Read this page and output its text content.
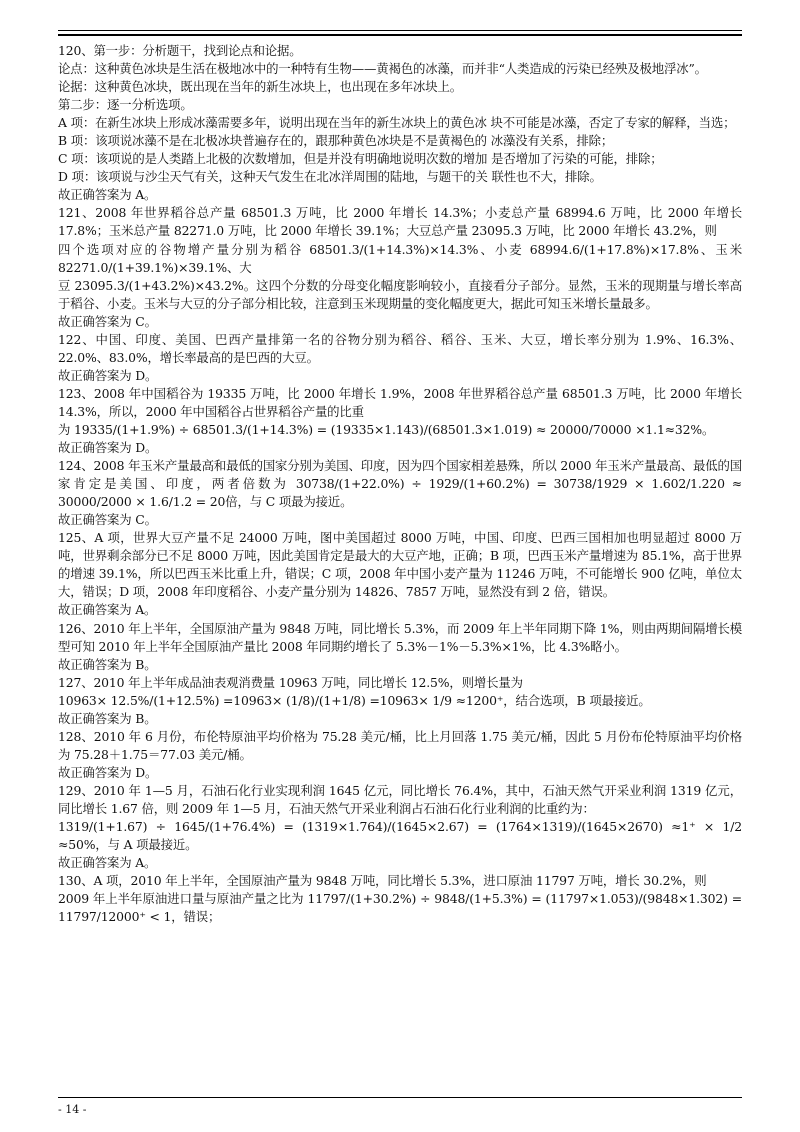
120、第一步：分析题干，找到论点和论据。

论点：这种黄色冰块是生活在极地冰中的一种特有生物——黄褐色的冰藻，而并非“人类造成的污染已经殃及极地浮冰”。

论据：这种黄色冰块，既出现在当年的新生冰块上，也出现在多年冰块上。

第二步：逐一分析选项。

A 项：在新生冰块上形成冰藻需要多年，说明出现在当年的新生冰块上的黄色冰 块不可能是冰藻，否定了专家的解释，当选；

B 项：该项说冰藻不是在北极冰块普遍存在的，跟那种黄色冰块是不是黄褐色的 冰藻没有关系，排除；

C 项：该项说的是人类踏上北极的次数增加，但是并没有明确地说明次数的增加 是否增加了污染的可能，排除；

D 项：该项说与沙尘天气有关，这种天气发生在北冰洋周围的陆地，与题干的关 联性也不大，排除。

故正确答案为 A。

121、2008 年世界稻谷总产量 68501.3 万吨，比 2000 年增长 14.3%；小麦总产量 68994.6 万吨，比 2000 年增长 17.8%；玉米总产量 82271.0 万吨，比 2000 年增长 39.1%；大豆总产量 23095.3 万吨，比 2000 年增长 43.2%，则

四个选项对应的谷物增产量分别为稻谷 68501.3/(1+14.3%)×14.3%、小麦 68994.6/(1+17.8%)×17.8%、玉米 82271.0/(1+39.1%)×39.1%、大

豆 23095.3/(1+43.2%)×43.2%。这四个分数的分母变化幅度影响较小，直接看分子部分。显然，玉米的现期量与增长率高于稻谷、小麦。玉米与大豆的分子部分相比较，注意到玉米现期量的变化幅度更大，据此可知玉米增长量最多。

故正确答案为 C。

122、中国、印度、美国、巴西产量排第一名的谷物分别为稻谷、稻谷、玉米、大豆，增长率分别为 1.9%、16.3%、22.0%、83.0%，增长率最高的是巴西的大豆。

故正确答案为 D。

123、2008 年中国稻谷为 19335 万吨，比 2000 年增长 1.9%，2008 年世界稻谷总产量 68501.3 万吨，比 2000 年增长 14.3%，所以，2000 年中国稻谷占世界稻谷产量的比重

为 19335/(1+1.9%) ÷ 68501.3/(1+14.3%) = (19335×1.143)/(68501.3×1.019) ≈ 20000/70000 ×1.1≈32%。

故正确答案为 D。

124、2008 年玉米产量最高和最低的国家分别为美国、印度，因为四个国家相差悬殊，所以 2000 年玉米产量最高、最低的国家肯定是美国、印度，两者倍数为 30738/(1+22.0%) ÷ 1929/(1+60.2%) = 30738/1929 × 1.602/1.220 ≈ 30000/2000 × 1.6/1.2 = 20倍，与 C 项最为接近。

故正确答案为 C。

125、A 项，世界大豆产量不足 24000 万吨，图中美国超过 8000 万吨，中国、印度、巴西三国相加也明显超过 8000 万吨，世界剩余部分已不足 8000 万吨，因此美国肯定是最大的大豆产地，正确；B 项，巴西玉米产量增速为 85.1%，高于世界的增速 39.1%，所以巴西玉米比重上升，错误；C 项，2008 年中国小麦产量为 11246 万吨，不可能增长 900 亿吨，单位太大，错误；D 项，2008 年印度稻谷、小麦产量分别为 14826、7857 万吨，显然没有到 2 倍，错误。

故正确答案为 A。

126、2010 年上半年，全国原油产量为 9848 万吨，同比增长 5.3%，而 2009 年上半年同期下降 1%，则由两期间隔增长模型可知 2010 年上半年全国原油产量比 2008 年同期约增长了 5.3%－1%－5.3%×1%，比 4.3%略小。

故正确答案为 B。

127、2010 年上半年成品油表观消费量 10963 万吨，同比增长 12.5%，则增长量为

10963× 12.5%/(1+12.5%) =10963× (1/8)/(1+1/8) =10963× 1/9 ≈1200⁺，结合选项，B 项最接近。

故正确答案为 B。

128、2010 年 6 月份，布伦特原油平均价格为 75.28 美元/桶，比上月回落 1.75 美元/桶，因此 5 月份布伦特原油平均价格为 75.28＋1.75＝77.03 美元/桶。

故正确答案为 D。

129、2010 年 1—5 月，石油石化行业实现利润 1645 亿元，同比增长 76.4%，其中，石油天然气开采业利润 1319 亿元，同比增长 1.67 倍，则 2009 年 1—5 月，石油天然气开采业利润占石油石化行业利润的比重约为：

1319/(1+1.67) ÷ 1645/(1+76.4%) = (1319×1.764)/(1645×2.67) = (1764×1319)/(1645×2670) ≈1⁺ × 1/2 ≈50%，与 A 项最接近。

故正确答案为 A。

130、A 项，2010 年上半年，全国原油产量为 9848 万吨，同比增长 5.3%，进口原油 11797 万吨，增长 30.2%，则

2009 年上半年原油进口量与原油产量之比为 11797/(1+30.2%) ÷ 9848/(1+5.3%) = (11797×1.053)/(9848×1.302) = 11797/12000⁺ < 1，错误；

- 14 -
